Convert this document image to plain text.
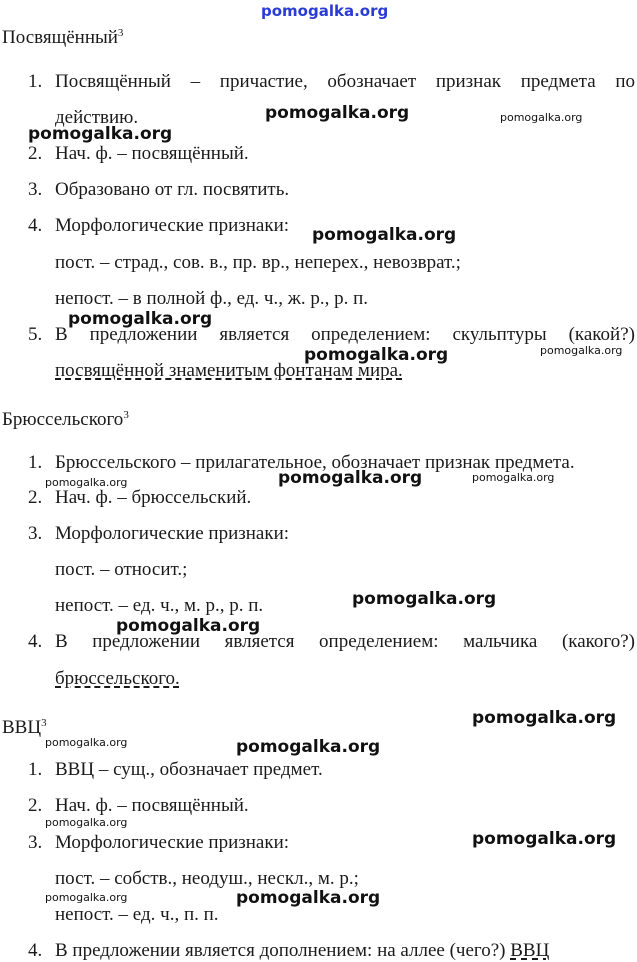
pomogalka.org
Посвящённый$^3$
1. Посвящённый – причастие, обозначает признак предмета по
действию.
2. Нач. ф. – посвящённый.
3. Образовано от гл. посвятить.
4. Морфологические признаки:
пост. – страд., сов. в., пр. вр., неперех., невозврат.;
непост. – в полной ф., ед. ч., ж. р., р. п.
5. В предложении является определением: скульптуры (какой?)
посвящённой знаменитым фонтанам мира.
Брюссельского$^3$
1. Брюссельского – прилагательное, обозначает признак предмета.
2. Нач. ф. – брюссельский.
3. Морфологические признаки:
пост. – относит.;
непост. – ед. ч., м. р., р. п.
4. В предложении является определением: мальчика (какого?)
брюссельского.
ВВЦ$^3$
1. ВВЦ – сущ., обозначает предмет.
2. Нач. ф. – посвящённый.
3. Морфологические признаки:
пост. – собств., неодуш., нескл., м. р.;
непост. – ед. ч., п. п.
4. В предложении является дополнением: на аллее (чего?) ВВЦ
pomogalka.org	pomogalka.org
pomogalka.org
pomogalka.org
pomogalka.org
pomogalka.org	pomogalka.org
pomogalka.org	pomogalka.org	pomogalka.org
pomogalka.org
pomogalka.org
pomogalka.org
pomogalka.org	pomogalka.org
pomogalka.org
pomogalka.org
pomogalka.org	pomogalka.org
